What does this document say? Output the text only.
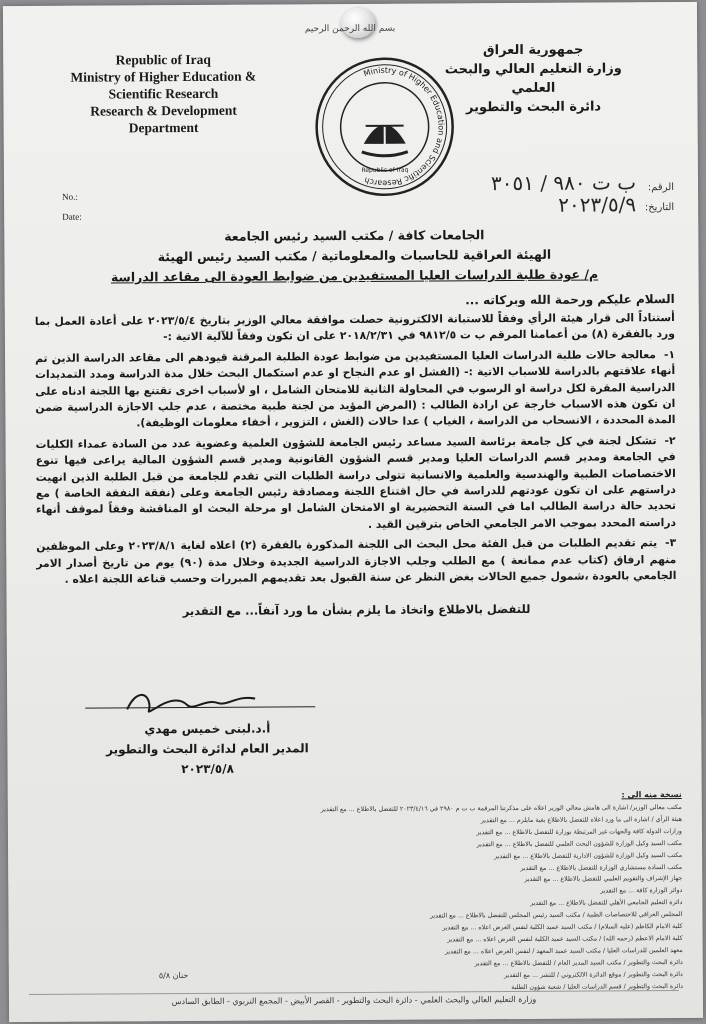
بسم الله الرحمن الرحيم
Republic of Iraq
Ministry of Higher Education &
Scientific Research
Research & Development
Department
Ministry of Higher Education and Scientific Research
Republic of Iraq
جمهورية العراق
وزارة التعليم العالي والبحث العلمي
دائرة البحث والتطوير
No.:
Date:
الرقم:
التاريخ:
ب ت ٩٨٠ / ٣٠٥١
٢٠٢٣/٥/٩
الجامعات كافة / مكتب السيد رئيس الجامعة
الهيئة العراقية للحاسبات والمعلوماتية / مكتب السيد رئيس الهيئة
م/ عودة طلبة الدراسات العليا المستفيدين من ضوابط العودة الى مقاعد الدراسة
السلام عليكم ورحمة الله وبركاته ...
أستناداً الى قرار هيئة الرأي وفقاً للاستبانة الالكترونية حصلت موافقة معالي الوزير بتاريخ ٢٠٢٣/٥/٤ على أعادة العمل بما ورد بالفقرة (٨) من أعمامنا المرقم ب ت ٩٨١٢/٥ في ٢٠١٨/٢/٣١ على ان تكون وفقاً للآلية الاتية :-
١-معالجة حالات طلبة الدراسات العليا المستفيدين من ضوابط عودة الطلبة المرقنة قيودهم الى مقاعد الدراسة الذين تم أنهاء علاقتهم بالدراسة للاسباب الاتية :- (الفشل او عدم النجاح او عدم استكمال البحث خلال مدة الدراسة ومدد التمديدات الدراسية المقرة لكل دراسة او الرسوب في المحاولة الثانية للامتحان الشامل ، او لأسباب اخرى تقتنع بها اللجنة ادناه على ان تكون هذه الاسباب خارجة عن ارادة الطالب : (المرض المؤيد من لجنة طبية مختصة ، عدم جلب الاجازة الدراسية ضمن المدة المحددة ، الانسحاب من الدراسة ، الغياب ) عدا حالات (الغش ، التزوير ، أخفاء معلومات الوظيفة).
٢-تشكل لجنة في كل جامعة برئاسة السيد مساعد رئيس الجامعة للشؤون العلمية وعضوية عدد من السادة عمداء الكليات في الجامعة ومدير قسم الدراسات العليا ومدير قسم الشؤون القانونية ومدير قسم الشؤون المالية يراعى فيها تنوع الاختصاصات الطبية والهندسية والعلمية والانسانية تتولى دراسة الطلبات التي تقدم للجامعة من قبل الطلبة الذين انهيت دراستهم على ان تكون عودتهم للدراسة في حال اقتناع اللجنة ومصادقة رئيس الجامعة وعلى (نفقة النفقة الخاصة ) مع تحديد حالة دراسة الطالب اما في السنة التحضيرية او الامتحان الشامل او مرحلة البحث او المناقشة وفقاً لموقف أنهاء دراسته المحدد بموجب الامر الجامعي الخاص بترقين القيد .
٣-يتم تقديم الطلبات من قبل الفئة محل البحث الى اللجنة المذكورة بالفقرة (٢) اعلاه لغاية ٢٠٢٣/٨/١ وعلى الموظفين منهم ارفاق (كتاب عدم ممانعة ) مع الطلب وجلب الاجازة الدراسية الجديدة وخلال مدة (٩٠) يوم من تاريخ أصدار الامر الجامعي بالعودة ،شمول جميع الحالات بغض النظر عن سنة القبول بعد تقديمهم المبررات وحسب قناعة اللجنة اعلاه .
للتفضل بالاطلاع واتخاذ ما يلزم بشأن ما ورد آنفاً... مع التقدير
أ.د.لبنى خميس مهدي
المدير العام لدائرة البحث والتطوير
٢٠٢٣/٥/٨
نسخة منه الى :
مكتب معالي الوزير/ اشارة الى هامش معالي الوزير اعلاه على مذكرتنا المرقمة ب ت م ٢٩٨٠ في ٢٠٢٣/٤/١٦ للتفضل بالاطلاع ... مع التقدير
هيئة الرأي / اشارة الى ما ورد اعلاه للتفضل بالاطلاع بغية مايلزم ... مع التقدير
وزارات الدولة كافة والجهات غير المرتبطة بوزارة للتفضل بالاطلاع ... مع التقدير
مكتب السيد وكيل الوزارة للشؤون البحث العلمي للتفضل بالاطلاع ... مع التقدير
مكتب السيد وكيل الوزارة للشؤون الادارية للتفضل بالاطلاع ... مع التقدير
مكتب السادة مستشاري الوزارة للتفضل بالاطلاع ... مع التقدير
جهاز الإشراف والتقويم العلمي للتفضل بالاطلاع ... مع التقدير
دوائر الوزارة كافة ... مع التقدير
دائرة التعليم الجامعي الأهلي للتفضل بالاطلاع ... مع التقدير
المجلس العراقي للاختصاصات الطبية / مكتب السيد رئيس المجلس للتفضل بالاطلاع ... مع التقدير
كلية الامام الكاظم (عليه السلام) / مكتب السيد عميد الكلية لنفس الغرض اعلاه ... مع التقدير
كلية الامام الاعظم (رحمه الله) / مكتب السيد عميد الكلية لنفس الغرض اعلاه ... مع التقدير
معهد العلمين للدراسات العليا / مكتب السيد عميد المعهد / لنفس الغرض اعلاه ... مع التقدير
دائرة البحث والتطوير / مكتب السيد المدير العام / للتفضل بالاطلاع ... مع التقدير
دائرة البحث والتطوير / موقع الدائرة الالكتروني / للنشر ... مع التقدير
دائرة البحث والتطوير / قسم الدراسات العليا / شعبة شؤون الطلبة
حنان ٥/٨
وزارة التعليم العالي والبحث العلمي - دائرة البحث والتطوير - القصر الأبيض - المجمع التربوي - الطابق السادس
